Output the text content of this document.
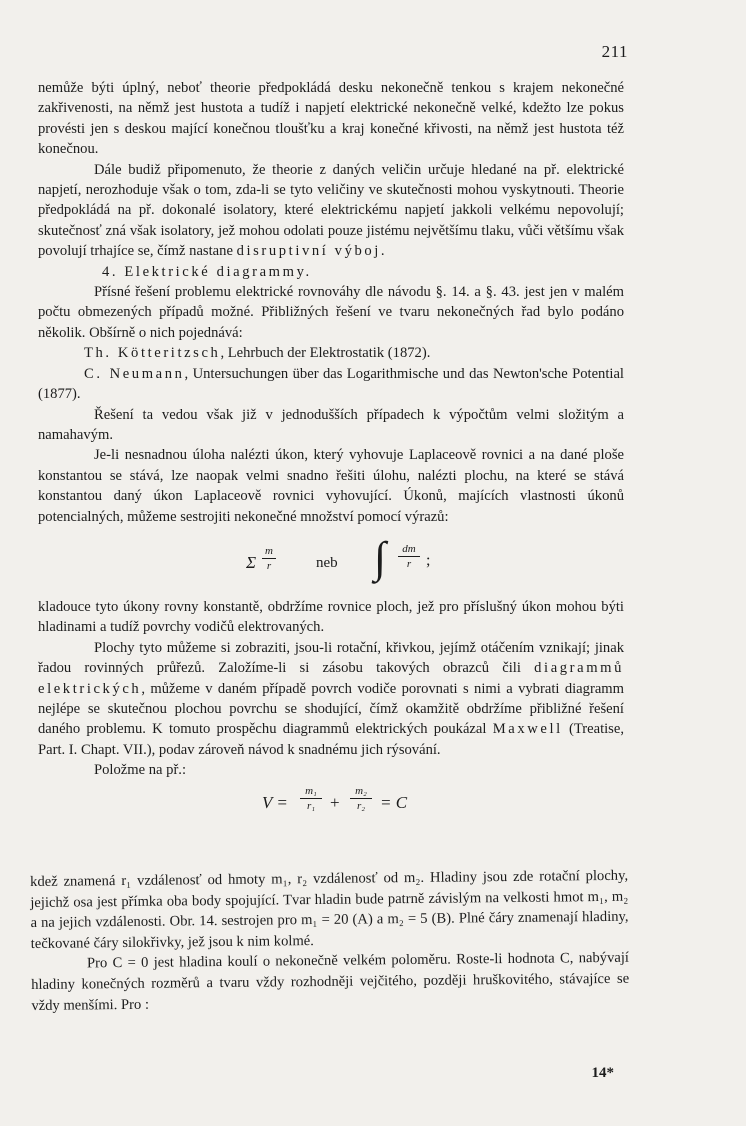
211

nemůže býti úplný, neboť theorie předpokládá desku nekonečně tenkou s krajem nekonečné zakřivenosti, na němž jest hustota a tudíž i napjetí elektrické nekonečně velké, kdežto lze pokus provésti jen s deskou mající konečnou tloušťku a kraj konečné křivosti, na němž jest hustota též konečnou.

Dále budiž připomenuto, že theorie z daných veličin určuje hledané na př. elektrické napjetí, nerozhoduje však o tom, zda-li se tyto veličiny ve skutečnosti mohou vyskytnouti. Theorie předpokládá na př. dokonalé isolatory, které elektrickému napjetí jakkoli velkému nepovolují; skutečnosť zná však isolatory, jež mohou odolati pouze jistému největšímu tlaku, vůči většímu však povolují trhajíce se, čímž nastane disruptivní výboj.

4. Elektrické diagrammy.

Přísné řešení problemu elektrické rovnováhy dle návodu §. 14. a §. 43. jest jen v malém počtu obmezených případů možné. Přibližných řešení ve tvaru nekonečných řad bylo podáno několik. Obšírně o nich pojednává:

Th. Kötteritzsch, Lehrbuch der Elektrostatik (1872).

C. Neumann, Untersuchungen über das Logarithmische und das Newton'sche Potential (1877).

Řešení ta vedou však již v jednodušších případech k výpočtům velmi složitým a namahavým.

Je-li nesnadnou úloha nalézti úkon, který vyhovuje Laplaceově rovnici a na dané ploše konstantou se stává, lze naopak velmi snadno řešiti úlohu, nalézti plochu, na které se stává konstantou daný úkon Laplaceově rovnici vyhovující. Úkonů, majících vlastnosti úkonů potencialných, můžeme sestrojiti nekonečné množství pomocí výrazů:

Σ
m
r	neb ∫	dm
r ;

kladouce tyto úkony rovny konstantě, obdržíme rovnice ploch, jež pro příslušný úkon mohou býti hladinami a tudíž povrchy vodičů elektrovaných.

Plochy tyto můžeme si zobraziti, jsou-li rotační, křivkou, jejímž otáčením vznikají; jinak řadou rovinných průřezů. Založíme-li si zásobu takových obrazců čili diagrammů elektrických, můžeme v daném případě povrch vodiče porovnati s nimi a vybrati diagramm nejlépe se skutečnou plochou povrchu se shodující, čímž okamžitě obdržíme přibližné řešení daného problemu. K tomuto prospěchu diagrammů elektrických poukázal Maxwell (Treatise, Part. I. Chapt. VII.), podav zároveň návod k snadnému jich rýsování.

Položme na př.:

V =
m₁
r₁ +
m₂
r₂ = C

kdež znamená r₁ vzdálenosť od hmoty m₁, r₂ vzdálenosť od m₂. Hladiny jsou zde rotační plochy, jejichž osa jest přímka oba body spojující. Tvar hladin bude patrně závislým na velkosti hmot m₁, m₂ a na jejich vzdálenosti. Obr. 14. sestrojen pro m₁ = 20 (A) a m₂ = 5 (B). Plné čáry znamenají hladiny, tečkované čáry silokřivky, jež jsou k nim kolmé.

Pro C = 0 jest hladina koulí o nekonečně velkém poloměru. Roste-li hodnota C, nabývají hladiny konečných rozměrů a tvaru vždy rozhodněji vejčitého, později hruškovitého, stávajíce se vždy menšími. Pro :

14*
